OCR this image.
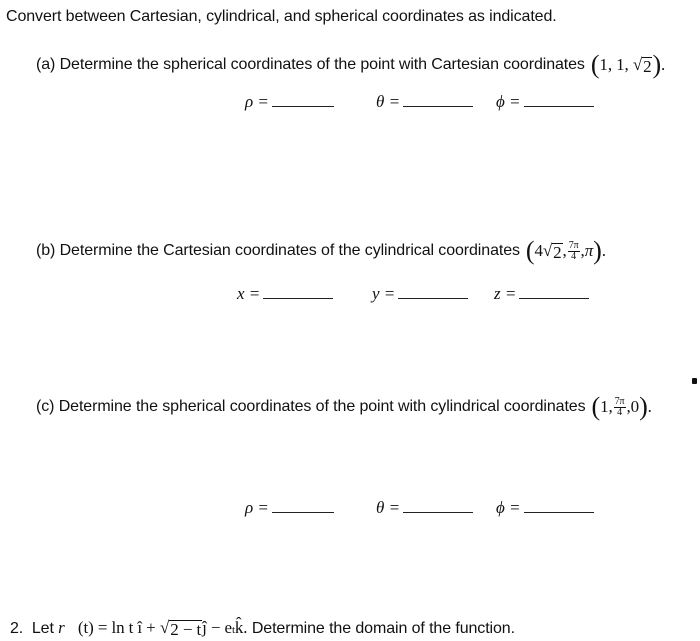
Convert between Cartesian, cylindrical, and spherical coordinates as indicated.
(a) Determine the spherical coordinates of the point with Cartesian coordinates ( 1 , 1 , √ 2 ) .
ρ =	θ =	ϕ =
(b) Determine the Cartesian coordinates of the cylindrical coordinates ( 4 √ 2 , $\frac{7\pi}{4}$ , π ) .
x =	y =	z =
(c) Determine the spherical coordinates of the point with cylindrical coordinates ( 1 , $\frac{7\pi}{4}$ , 0 ) .
ρ =	θ =	ϕ =
2.
Let
r⃗ (t) = ln t î +
√ 2 − t ĵ − e t k̂.
Determine the domain of the function.
